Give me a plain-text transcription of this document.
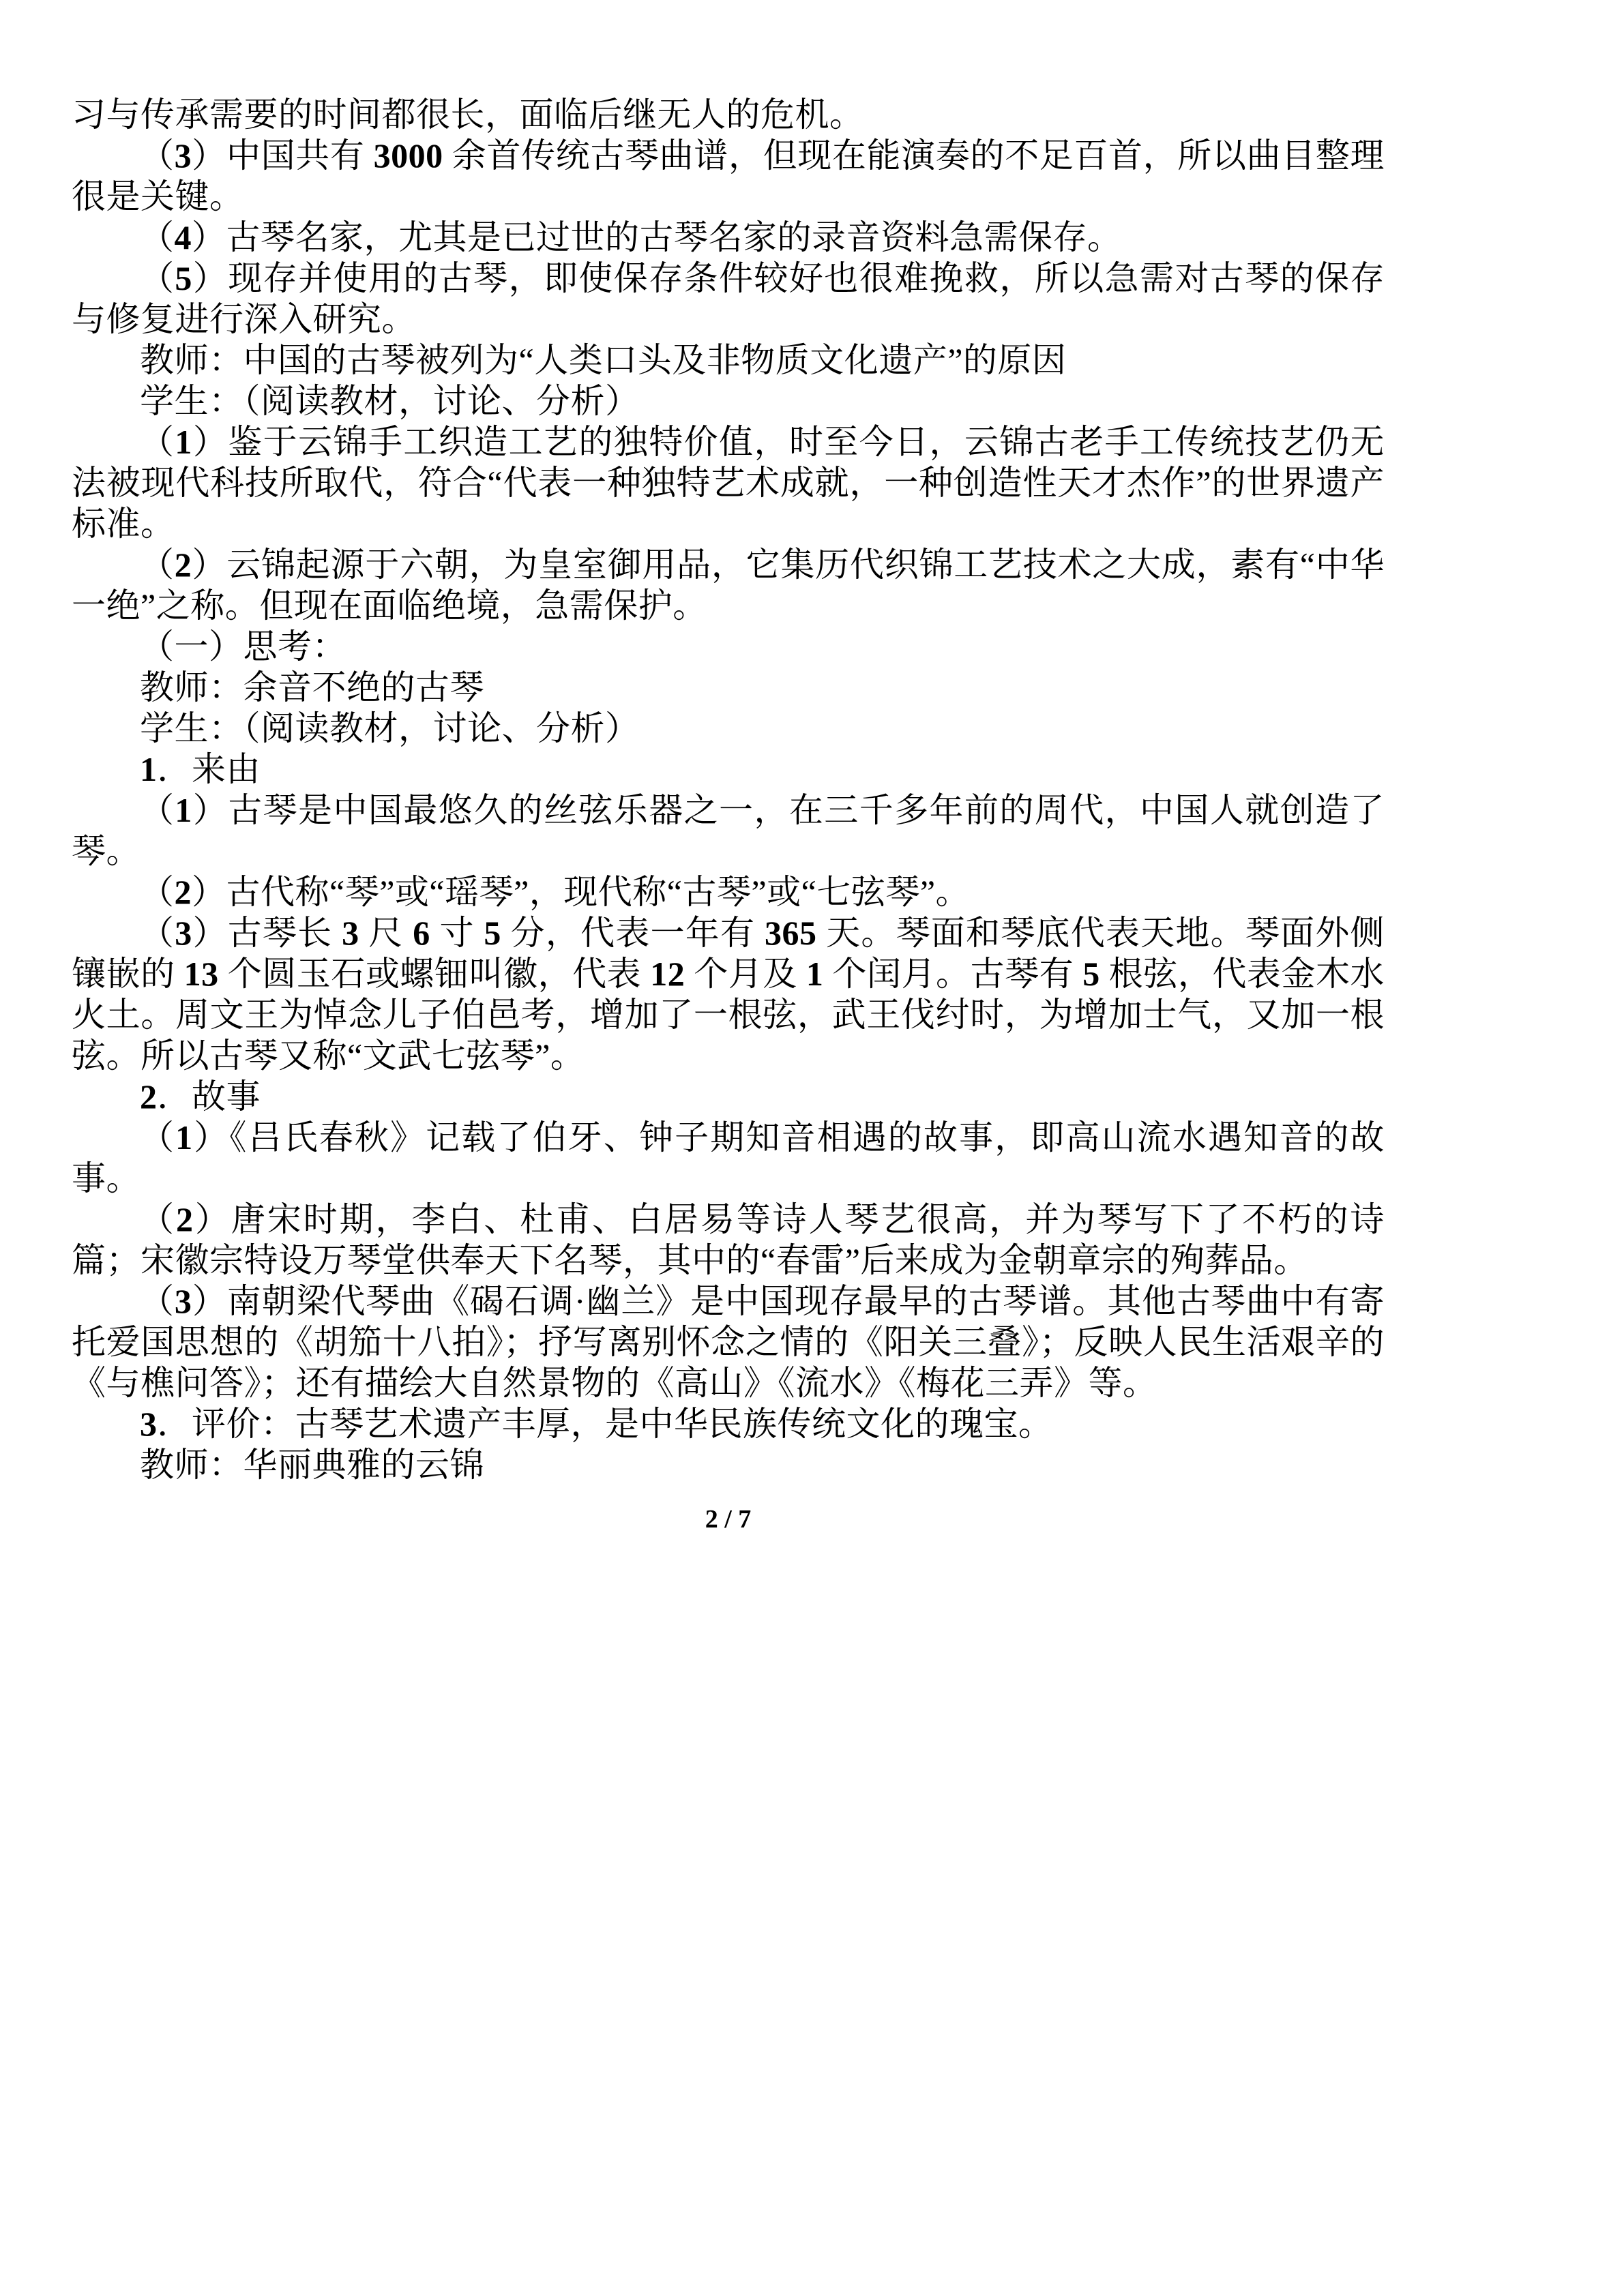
习与传承需要的时间都很长，面临后继无人的危机。

（3）中国共有 3000 余首传统古琴曲谱，但现在能演奏的不足百首，所以曲目整理很是关键。

（4）古琴名家，尤其是已过世的古琴名家的录音资料急需保存。

（5）现存并使用的古琴，即使保存条件较好也很难挽救，所以急需对古琴的保存与修复进行深入研究。

教师：中国的古琴被列为“人类口头及非物质文化遗产”的原因

学生：（阅读教材，讨论、分析）

（1）鉴于云锦手工织造工艺的独特价值，时至今日，云锦古老手工传统技艺仍无法被现代科技所取代，符合“代表一种独特艺术成就，一种创造性天才杰作”的世界遗产标准。

（2）云锦起源于六朝，为皇室御用品，它集历代织锦工艺技术之大成，素有“中华一绝”之称。但现在面临绝境，急需保护。

（一）思考：

教师：余音不绝的古琴

学生：（阅读教材，讨论、分析）

1．来由

（1）古琴是中国最悠久的丝弦乐器之一，在三千多年前的周代，中国人就创造了琴。

（2）古代称“琴”或“瑶琴”，现代称“古琴”或“七弦琴”。

（3）古琴长 3 尺 6 寸 5 分，代表一年有 365 天。琴面和琴底代表天地。琴面外侧镶嵌的 13 个圆玉石或螺钿叫徽，代表 12 个月及 1 个闰月。古琴有 5 根弦，代表金木水火土。周文王为悼念儿子伯邑考，增加了一根弦，武王伐纣时，为增加士气，又加一根弦。所以古琴又称“文武七弦琴”。

2．故事

（1）《吕氏春秋》记载了伯牙、钟子期知音相遇的故事，即高山流水遇知音的故事。

（2）唐宋时期，李白、杜甫、白居易等诗人琴艺很高，并为琴写下了不朽的诗篇；宋徽宗特设万琴堂供奉天下名琴，其中的“春雷”后来成为金朝章宗的殉葬品。

（3）南朝梁代琴曲《碣石调·幽兰》是中国现存最早的古琴谱。其他古琴曲中有寄托爱国思想的《胡笳十八拍》；抒写离别怀念之情的《阳关三叠》；反映人民生活艰辛的《与樵问答》；还有描绘大自然景物的《高山》《流水》《梅花三弄》等。

3．评价：古琴艺术遗产丰厚，是中华民族传统文化的瑰宝。

教师：华丽典雅的云锦

2 / 7
